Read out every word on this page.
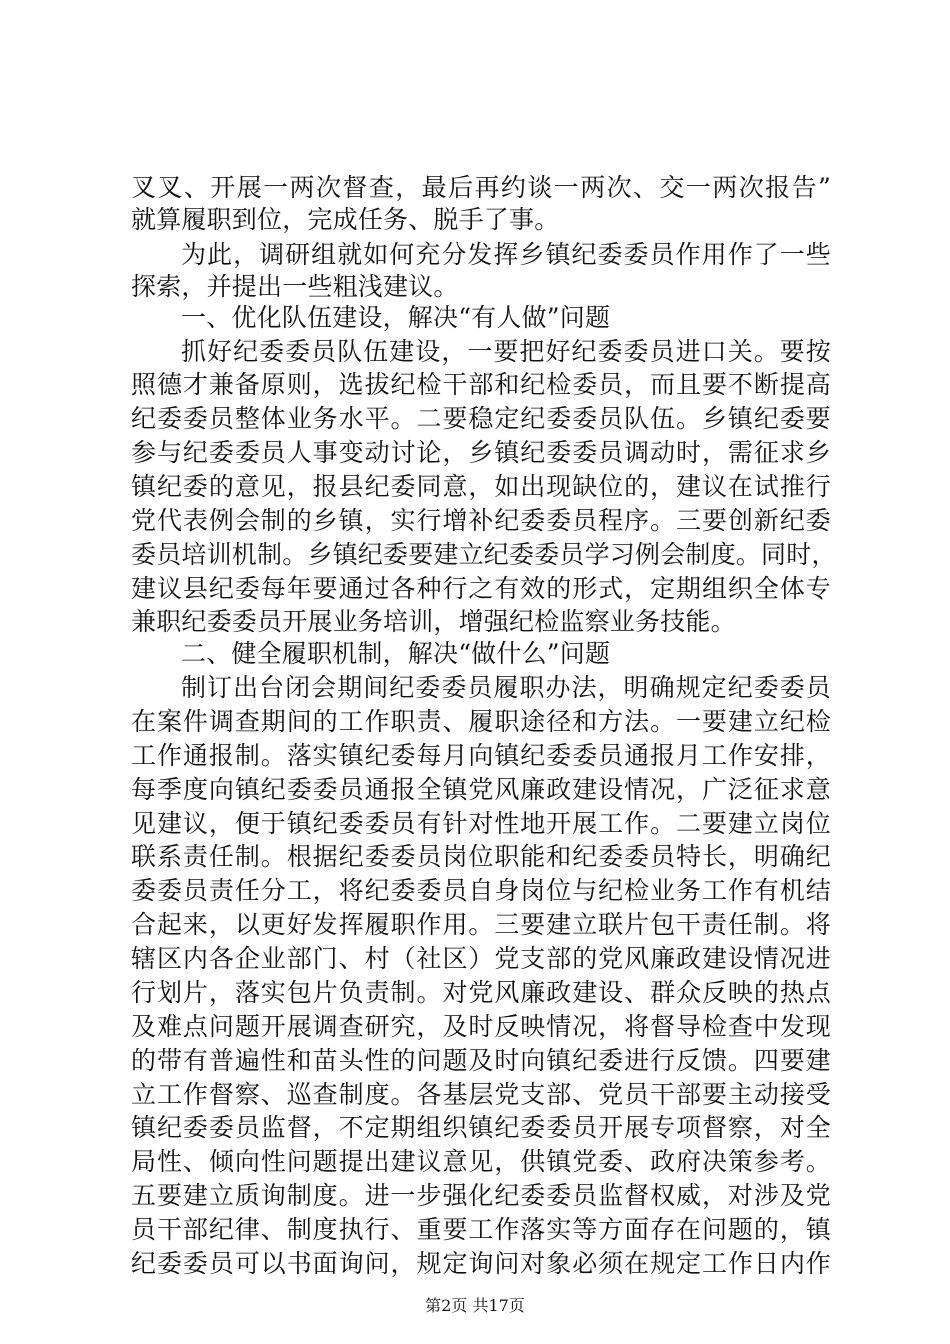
叉叉、开展一两次督查，最后再约谈一两次、交一两次报告”
就算履职到位，完成任务、脱手了事。
为此，调研组就如何充分发挥乡镇纪委委员作用作了一些
探索，并提出一些粗浅建议。
一、优化队伍建设，解决“有人做”问题
抓好纪委委员队伍建设，一要把好纪委委员进口关。要按
照德才兼备原则，选拔纪检干部和纪检委员，而且要不断提高
纪委委员整体业务水平。二要稳定纪委委员队伍。乡镇纪委要
参与纪委委员人事变动讨论，乡镇纪委委员调动时，需征求乡
镇纪委的意见，报县纪委同意，如出现缺位的，建议在试推行
党代表例会制的乡镇，实行增补纪委委员程序。三要创新纪委
委员培训机制。乡镇纪委要建立纪委委员学习例会制度。同时，
建议县纪委每年要通过各种行之有效的形式，定期组织全体专
兼职纪委委员开展业务培训，增强纪检监察业务技能。
二、健全履职机制，解决“做什么”问题
制订出台闭会期间纪委委员履职办法，明确规定纪委委员
在案件调查期间的工作职责、履职途径和方法。一要建立纪检
工作通报制。落实镇纪委每月向镇纪委委员通报月工作安排，
每季度向镇纪委委员通报全镇党风廉政建设情况，广泛征求意
见建议，便于镇纪委委员有针对性地开展工作。二要建立岗位
联系责任制。根据纪委委员岗位职能和纪委委员特长，明确纪
委委员责任分工，将纪委委员自身岗位与纪检业务工作有机结
合起来，以更好发挥履职作用。三要建立联片包干责任制。将
辖区内各企业部门、村（社区）党支部的党风廉政建设情况进
行划片，落实包片负责制。对党风廉政建设、群众反映的热点
及难点问题开展调查研究，及时反映情况，将督导检查中发现
的带有普遍性和苗头性的问题及时向镇纪委进行反馈。四要建
立工作督察、巡查制度。各基层党支部、党员干部要主动接受
镇纪委委员监督，不定期组织镇纪委委员开展专项督察，对全
局性、倾向性问题提出建议意见，供镇党委、政府决策参考。
五要建立质询制度。进一步强化纪委委员监督权威，对涉及党
员干部纪律、制度执行、重要工作落实等方面存在问题的，镇
纪委委员可以书面询问，规定询问对象必须在规定工作日内作
第2页 共17页
